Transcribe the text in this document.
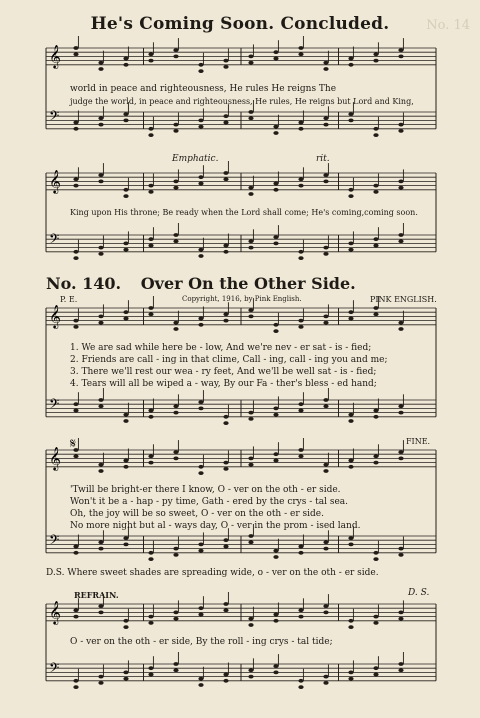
He's Coming Soon. Concluded.	No. 14
𝄞
𝄢
𝄞
𝄢
𝄞
𝄢
𝄞
𝄢
𝄞
𝄢
world in peace and righteousness, He rules He reigns The
judge the world, in peace and righteousness, He rules, He reigns but Lord and King,
Emphatic.	rit.
King upon His throne; Be ready when the Lord shall come; He's coming,coming soon.
No. 140. Over On the Other Side.
P. E.	Copyright, 1916, by Pink English.	PINK ENGLISH.
1. We are sad while here be - low, And we're nev - er sat - is - fied;
2. Friends are call - ing in that clime, Call - ing, call - ing you and me;
3. There we'll rest our wea - ry feet, And we'll be well sat - is - fied;
4. Tears will all be wiped a - way, By our Fa - ther's bless - ed hand;
𝄋	FINE.
'Twill be bright-er there I know, O - ver on the oth - er side.
Won't it be a - hap - py time, Gath - ered by the crys - tal sea.
Oh, the joy will be so sweet, O - ver on the oth - er side.
No more night but al - ways day, O - ver in the prom - ised land.
D.S. Where sweet shades are spreading wide, o - ver on the oth - er side.
REFRAIN.	D. S.
O - ver on the oth - er side, By the roll - ing crys - tal tide;
